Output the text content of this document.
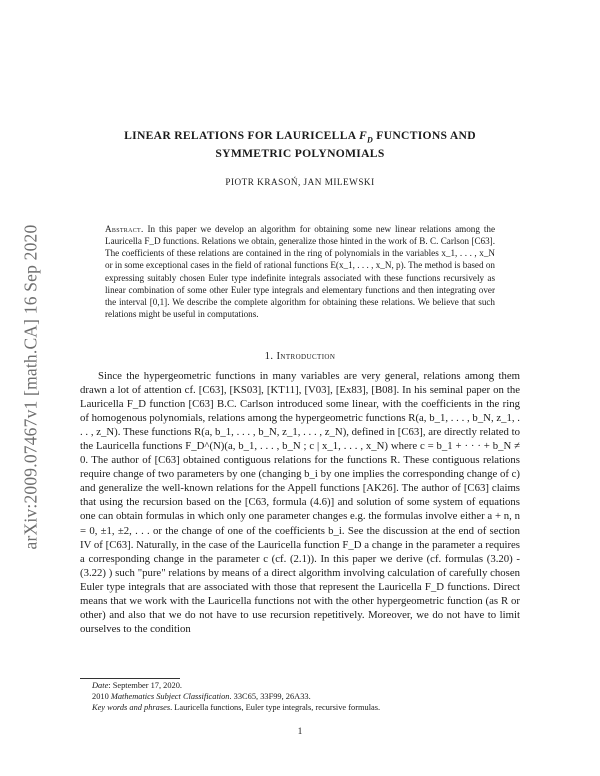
arXiv:2009.07467v1 [math.CA] 16 Sep 2020
LINEAR RELATIONS FOR LAURICELLA $F_D$ FUNCTIONS AND
SYMMETRIC POLYNOMIALS
PIOTR KRASOŃ, JAN MILEWSKI
Abstract. In this paper we develop an algorithm for obtaining some new linear relations among the Lauricella F_D functions. Relations we obtain, generalize those hinted in the work of B. C. Carlson [C63]. The coefficients of these relations are contained in the ring of polynomials in the variables x_1, . . . , x_N or in some exceptional cases in the field of rational functions E(x_1, . . . , x_N, p). The method is based on expressing suitably chosen Euler type indefinite integrals associated with these functions recursively as linear combination of some other Euler type integrals and elementary functions and then integrating over the interval [0,1]. We describe the complete algorithm for obtaining these relations. We believe that such relations might be useful in computations.
1. Introduction

Since the hypergeometric functions in many variables are very general, relations among them drawn a lot of attention cf. [C63], [KS03], [KT11], [V03], [Ex83], [B08]. In his seminal paper on the Lauricella F_D function [C63] B.C. Carlson introduced some linear, with the coefficients in the ring of homogenous polynomials, relations among the hypergeometric functions R(a, b_1, . . . , b_N, z_1, . . . , z_N). These functions R(a, b_1, . . . , b_N, z_1, . . . , z_N), defined in [C63], are directly related to the Lauricella functions F_D^(N)(a, b_1, . . . , b_N ; c | x_1, . . . , x_N) where c = b_1 + · · · + b_N ≠ 0. The author of [C63] obtained contiguous relations for the functions R. These contiguous relations require change of two parameters by one (changing b_i by one implies the corresponding change of c) and generalize the well-known relations for the Appell functions [AK26]. The author of [C63] claims that using the recursion based on the [C63, formula (4.6)] and solution of some system of equations one can obtain formulas in which only one parameter changes e.g. the formulas involve either a + n, n = 0, ±1, ±2, . . . or the change of one of the coefficients b_i. See the discussion at the end of section IV of [C63]. Naturally, in the case of the Lauricella function F_D a change in the parameter a requires a corresponding change in the parameter c (cf. (2.1)). In this paper we derive (cf. formulas (3.20) - (3.22) ) such "pure" relations by means of a direct algorithm involving calculation of carefully chosen Euler type integrals that are associated with those that represent the Lauricella F_D functions. Direct means that we work with the Lauricella functions not with the other hypergeometric function (as R or other) and also that we do not have to use recursion repetitively. Moreover, we do not have to limit ourselves to the condition

Date: September 17, 2020.
2010 Mathematics Subject Classification. 33C65, 33F99, 26A33.
Key words and phrases. Lauricella functions, Euler type integrals, recursive formulas.
1
